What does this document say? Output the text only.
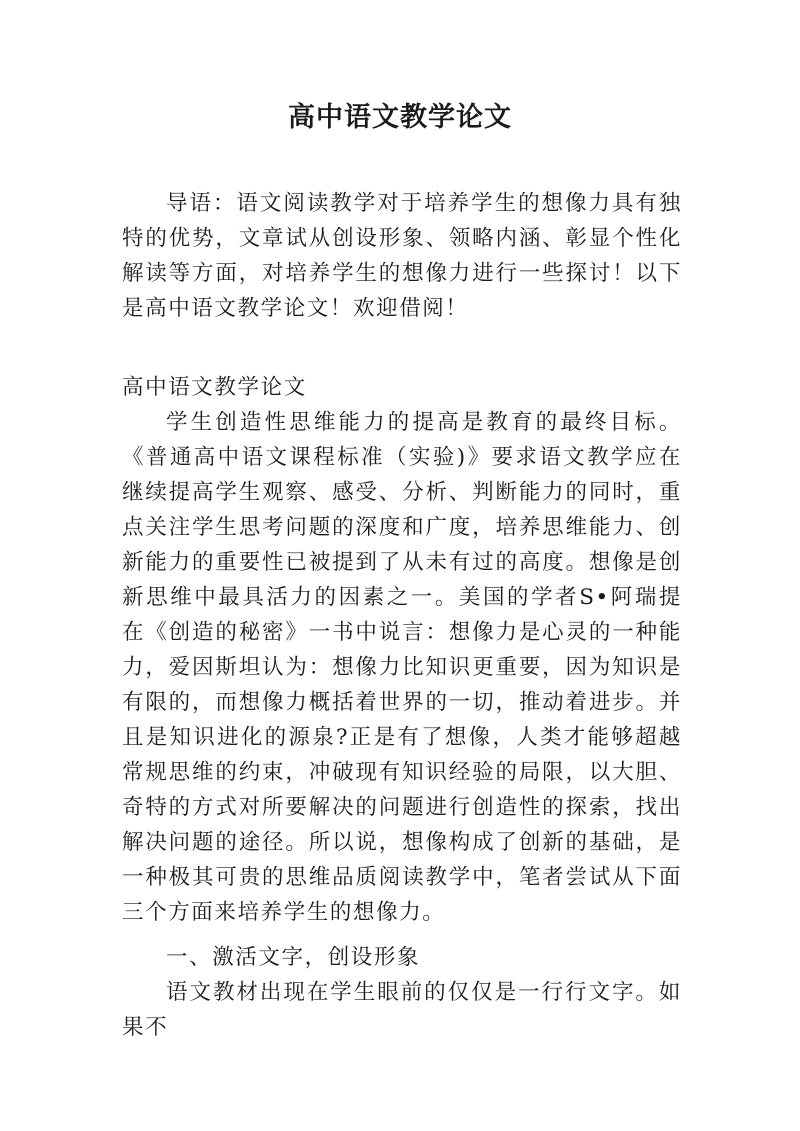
高中语文教学论文

导语：语文阅读教学对于培养学生的想像力具有独特的优势，文章试从创设形象、领略内涵、彰显个性化解读等方面，对培养学生的想像力进行一些探讨！以下是高中语文教学论文！欢迎借阅！

高中语文教学论文

学生创造性思维能力的提高是教育的最终目标。《普通高中语文课程标准（实验)》要求语文教学应在继续提高学生观察、感受、分析、判断能力的同时，重点关注学生思考问题的深度和广度，培养思维能力、创新能力的重要性已被提到了从未有过的高度。想像是创新思维中最具活力的因素之一。美国的学者S•阿瑞提在《创造的秘密》一书中说言：想像力是心灵的一种能力，爱因斯坦认为：想像力比知识更重要，因为知识是有限的，而想像力概括着世界的一切，推动着进步。并且是知识进化的源泉?正是有了想像，人类才能够超越常规思维的约束，冲破现有知识经验的局限，以大胆、奇特的方式对所要解决的问题进行创造性的探索，找出解决问题的途径。所以说，想像构成了创新的基础，是一种极其可贵的思维品质阅读教学中，笔者尝试从下面三个方面来培养学生的想像力。

一、激活文字，创设形象

语文教材出现在学生眼前的仅仅是一行行文字。如果不
